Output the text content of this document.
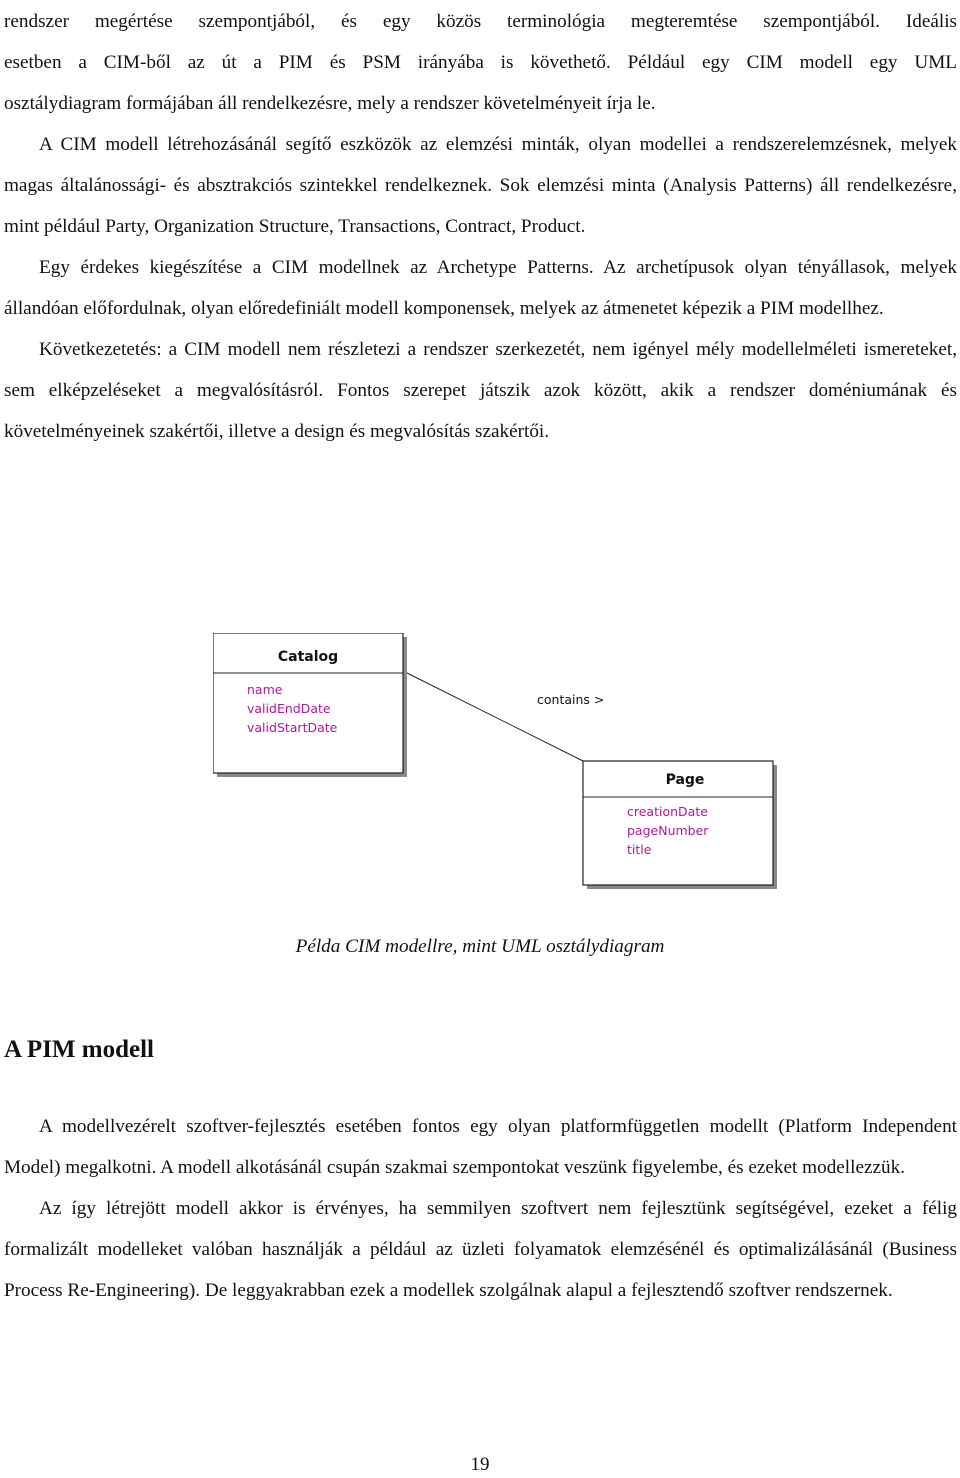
rendszer megértése szempontjából, és egy közös terminológia megteremtése szempontjából. Ideális
esetben a CIM-ből az út a PIM és PSM irányába is követhető. Például egy CIM modell egy UML
osztálydiagram formájában áll rendelkezésre, mely a rendszer követelményeit írja le.

A CIM modell létrehozásánál segítő eszközök az elemzési minták, olyan modellei a rendszerelemzésnek, melyek magas általánossági- és absztrakciós szintekkel rendelkeznek. Sok elemzési minta (Analysis Patterns) áll rendelkezésre, mint például Party, Organization Structure, Transactions, Contract, Product.

Egy érdekes kiegészítése a CIM modellnek az Archetype Patterns. Az archetípusok olyan tényállasok, melyek állandóan előfordulnak, olyan előredefiniált modell komponensek, melyek az átmenetet képezik a PIM modellhez.

Következetetés: a CIM modell nem részletezi a rendszer szerkezetét, nem igényel mély modellelméleti ismereteket, sem elképzeléseket a megvalósításról. Fontos szerepet játszik azok között, akik a rendszer doméniumának és követelményeinek szakértői, illetve a design és megvalósítás szakértői.

Catalog
name
validEndDate
validStartDate
contains >
Page
creationDate
pageNumber
title
Példa CIM modellre, mint UML osztálydiagram
A PIM modell

A modellvezérelt szoftver-fejlesztés esetében fontos egy olyan platformfüggetlen modellt (Platform Independent Model) megalkotni. A modell alkotásánál csupán szakmai szempontokat veszünk figyelembe, és ezeket modellezzük.

Az így létrejött modell akkor is érvényes, ha semmilyen szoftvert nem fejlesztünk segítségével, ezeket a félig formalizált modelleket valóban használják a például az üzleti folyamatok elemzésénél és optimalizálásánál (Business Process Re-Engineering). De leggyakrabban ezek a modellek szolgálnak alapul a fejlesztendő szoftver rendszernek.

19
